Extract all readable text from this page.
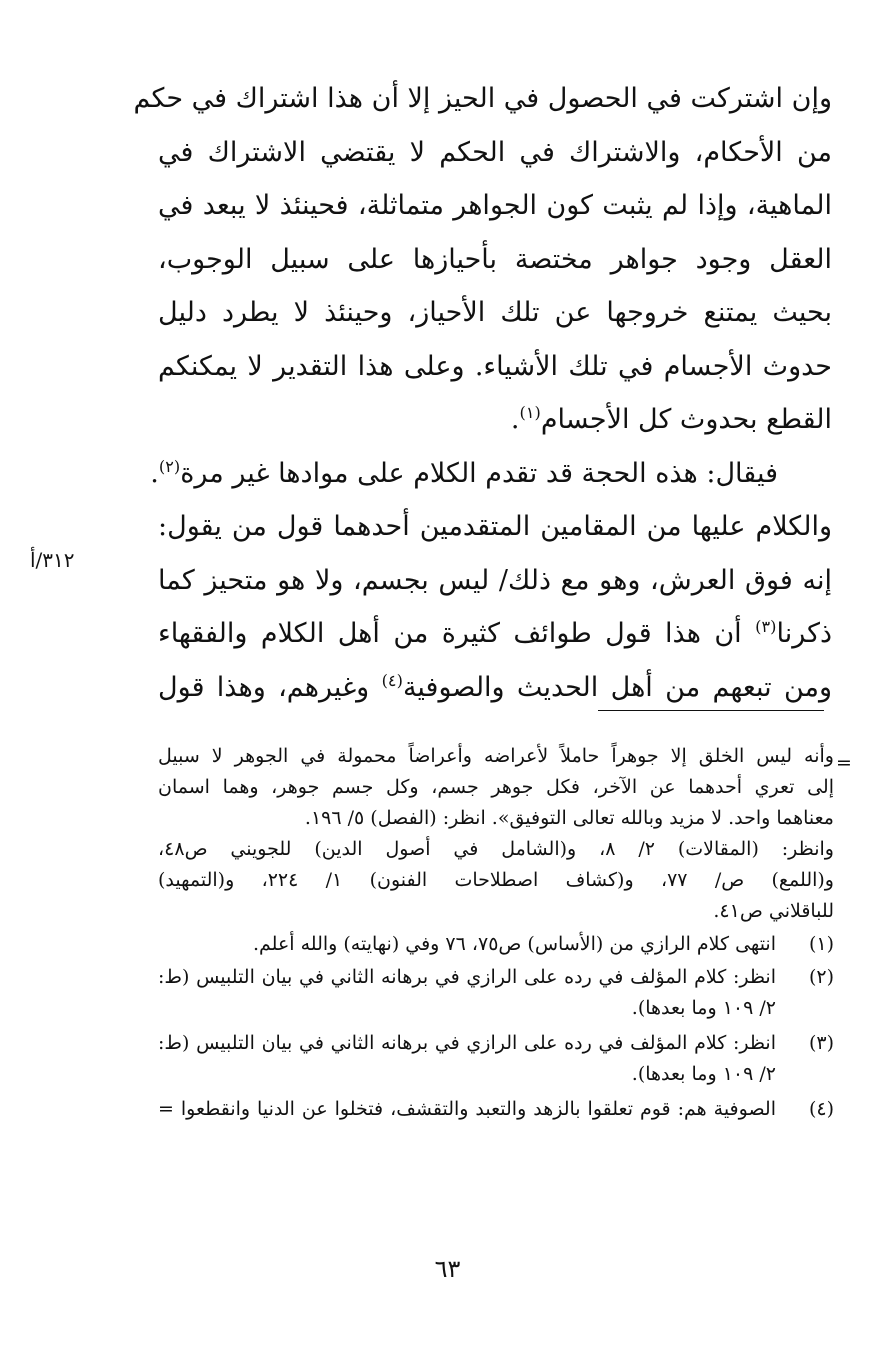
وإن اشتركت في الحصول في الحيز إلا أن هذا اشتراك في حكم
من الأحكام، والاشتراك في الحكم لا يقتضي الاشتراك في
الماهية، وإذا لم يثبت كون الجواهر متماثلة، فحينئذ لا يبعد في
العقل وجود جواهر مختصة بأحيازها على سبيل الوجوب،
بحيث يمتنع خروجها عن تلك الأحياز، وحينئذ لا يطرد دليل
حدوث الأجسام في تلك الأشياء. وعلى هذا التقدير لا يمكنكم
القطع بحدوث كل الأجسام$^{(١)}$.
  فيقال: هذه الحجة قد تقدم الكلام على موادها غير مرة$^{(٢)}$.
والكلام عليها من المقامين المتقدمين أحدهما قول من يقول:
إنه فوق العرش، وهو مع ذلك/ ليس بجسم، ولا هو متحيز كما
ذكرنا$^{(٣)}$ أن هذا قول طوائف كثيرة من أهل الكلام والفقهاء
ومن تبعهم من أهل الحديث والصوفية$^{(٤)}$ وغيرهم، وهذا قول
٣١٢/أ
=
وأنه ليس الخلق إلا جوهراً حاملاً لأعراضه وأعراضاً محمولة في الجوهر لا سبيل
إلى تعري أحدهما عن الآخر، فكل جوهر جسم، وكل جسم جوهر، وهما اسمان
معناهما واحد. لا مزيد وبالله تعالى التوفيق». انظر: (الفصل) ٥/ ١٩٦.
وانظر: (المقالات) ٢/ ٨، و(الشامل في أصول الدين) للجويني ص٤٨،
و(اللمع) ص/ ٧٧، و(كشاف اصطلاحات الفنون) ١/ ٢٢٤، و(التمهيد)
للباقلاني ص٤١.
(١)
انتهى كلام الرازي من (الأساس) ص٧٥، ٧٦ وفي (نهايته) والله أعلم.
(٢)
انظر: كلام المؤلف في رده على الرازي في برهانه الثاني في بيان التلبيس (ط:
٢/ ١٠٩ وما بعدها).
(٣)
انظر: كلام المؤلف في رده على الرازي في برهانه الثاني في بيان التلبيس (ط:
٢/ ١٠٩ وما بعدها).
(٤)
الصوفية هم: قوم تعلقوا بالزهد والتعبد والتقشف، فتخلوا عن الدنيا وانقطعوا =
٦٣
